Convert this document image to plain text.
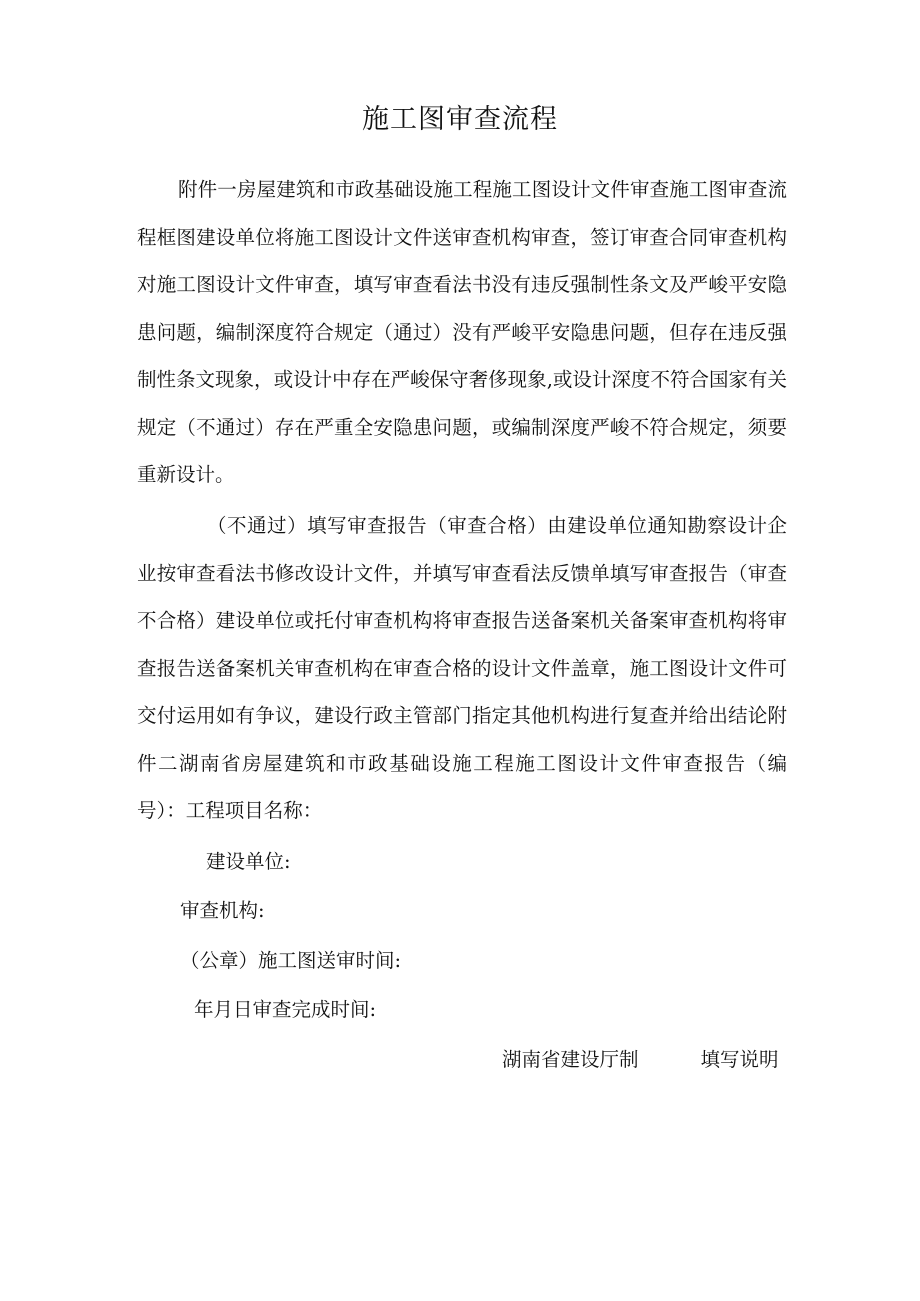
施工图审查流程

附件一房屋建筑和市政基础设施工程施工图设计文件审查施工图审查流程框图建设单位将施工图设计文件送审查机构审查，签订审查合同审查机构对施工图设计文件审查，填写审查看法书没有违反强制性条文及严峻平安隐患问题，编制深度符合规定（通过）没有严峻平安隐患问题，但存在违反强制性条文现象，或设计中存在严峻保守奢侈现象,或设计深度不符合国家有关规定（不通过）存在严重全安隐患问题，或编制深度严峻不符合规定，须要重新设计。

（不通过）填写审查报告（审查合格）由建设单位通知勘察设计企业按审查看法书修改设计文件，并填写审查看法反馈单填写审查报告（审查不合格）建设单位或托付审查机构将审查报告送备案机关备案审查机构将审查报告送备案机关审查机构在审查合格的设计文件盖章，施工图设计文件可交付运用如有争议，建设行政主管部门指定其他机构进行复查并给出结论附件二湖南省房屋建筑和市政基础设施工程施工图设计文件审查报告（编号）：工程项目名称：

建设单位:
审查机构:
（公章）施工图送审时间:
年月日审查完成时间:
湖南省建设厅制	填写说明
